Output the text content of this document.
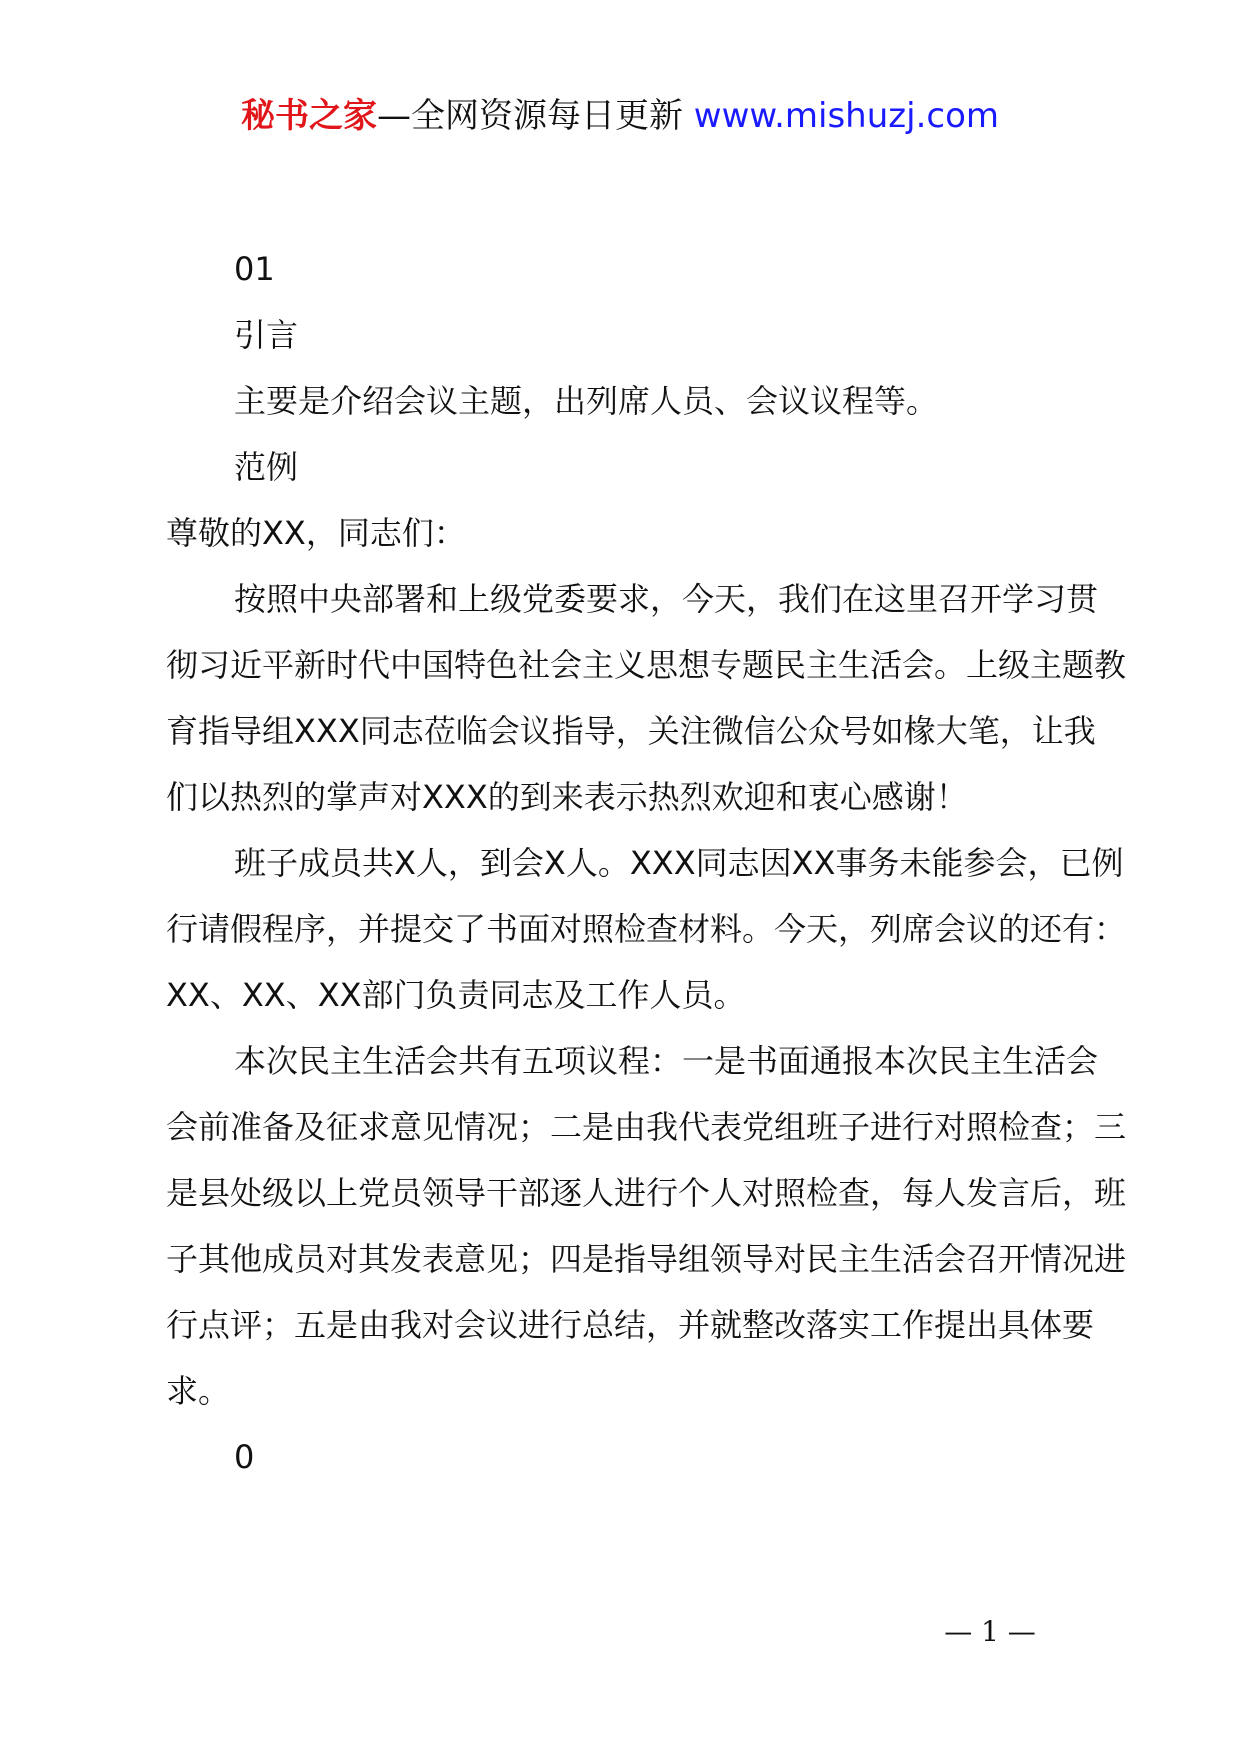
秘书之家—全网资源每日更新 www.mishuzj.com

01

引言

主要是介绍会议主题，出列席人员、会议议程等。

范例

尊敬的XX，同志们：

按照中央部署和上级党委要求，今天，我们在这里召开学习贯彻习近平新时代中国特色社会主义思想专题民主生活会。上级主题教育指导组XXX同志莅临会议指导，关注微信公众号如椽大笔，让我们以热烈的掌声对XXX的到来表示热烈欢迎和衷心感谢！

班子成员共X人，到会X人。XXX同志因XX事务未能参会，已例行请假程序，并提交了书面对照检查材料。今天，列席会议的还有：XX、XX、XX部门负责同志及工作人员。

本次民主生活会共有五项议程：一是书面通报本次民主生活会会前准备及征求意见情况；二是由我代表党组班子进行对照检查；三是县处级以上党员领导干部逐人进行个人对照检查，每人发言后，班子其他成员对其发表意见；四是指导组领导对民主生活会召开情况进行点评；五是由我对会议进行总结，并就整改落实工作提出具体要求。

0

— 1 —
